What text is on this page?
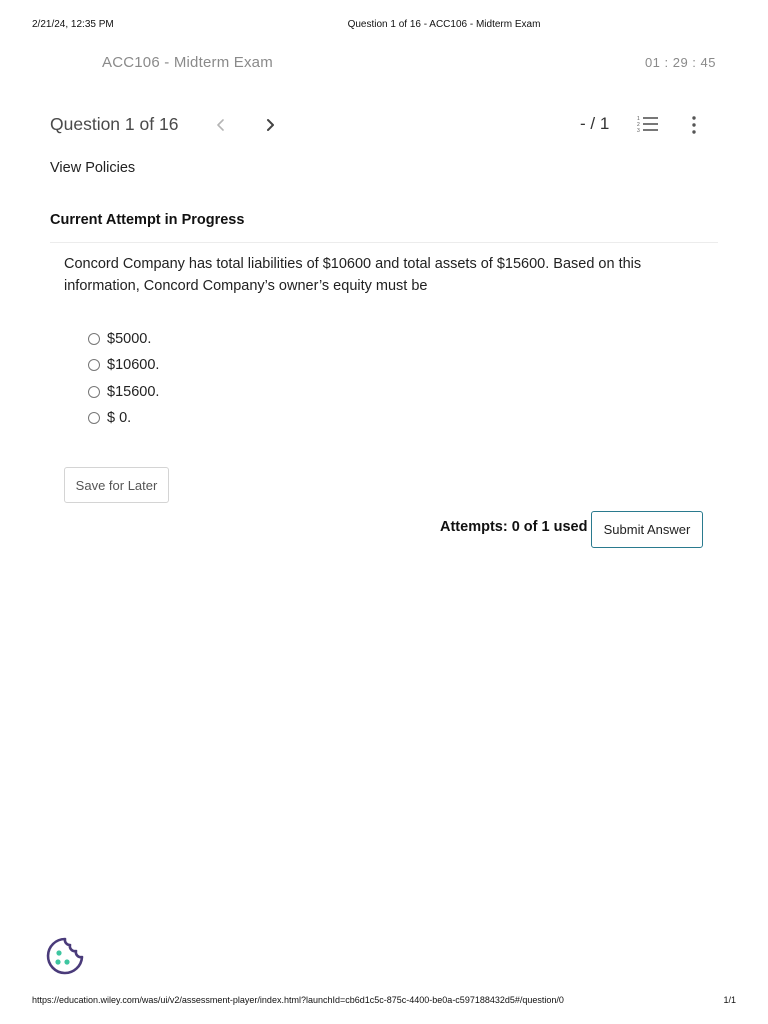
2/21/24, 12:35 PM	Question 1 of 16 - ACC106 - Midterm Exam
ACC106 - Midterm Exam	01 : 29 : 45
Question 1 of 16	- / 1	1
2
3
View Policies
Current Attempt in Progress
Concord Company has total liabilities of $10600 and total assets of $15600. Based on this information, Concord Company’s owner’s equity must be
$5000.
$10600.
$15600.
$ 0.
Save for Later
Attempts: 0 of 1 used	Submit Answer
https://education.wiley.com/was/ui/v2/assessment-player/index.html?launchId=cb6d1c5c-875c-4400-be0a-c597188432d5#/question/0	1/1
